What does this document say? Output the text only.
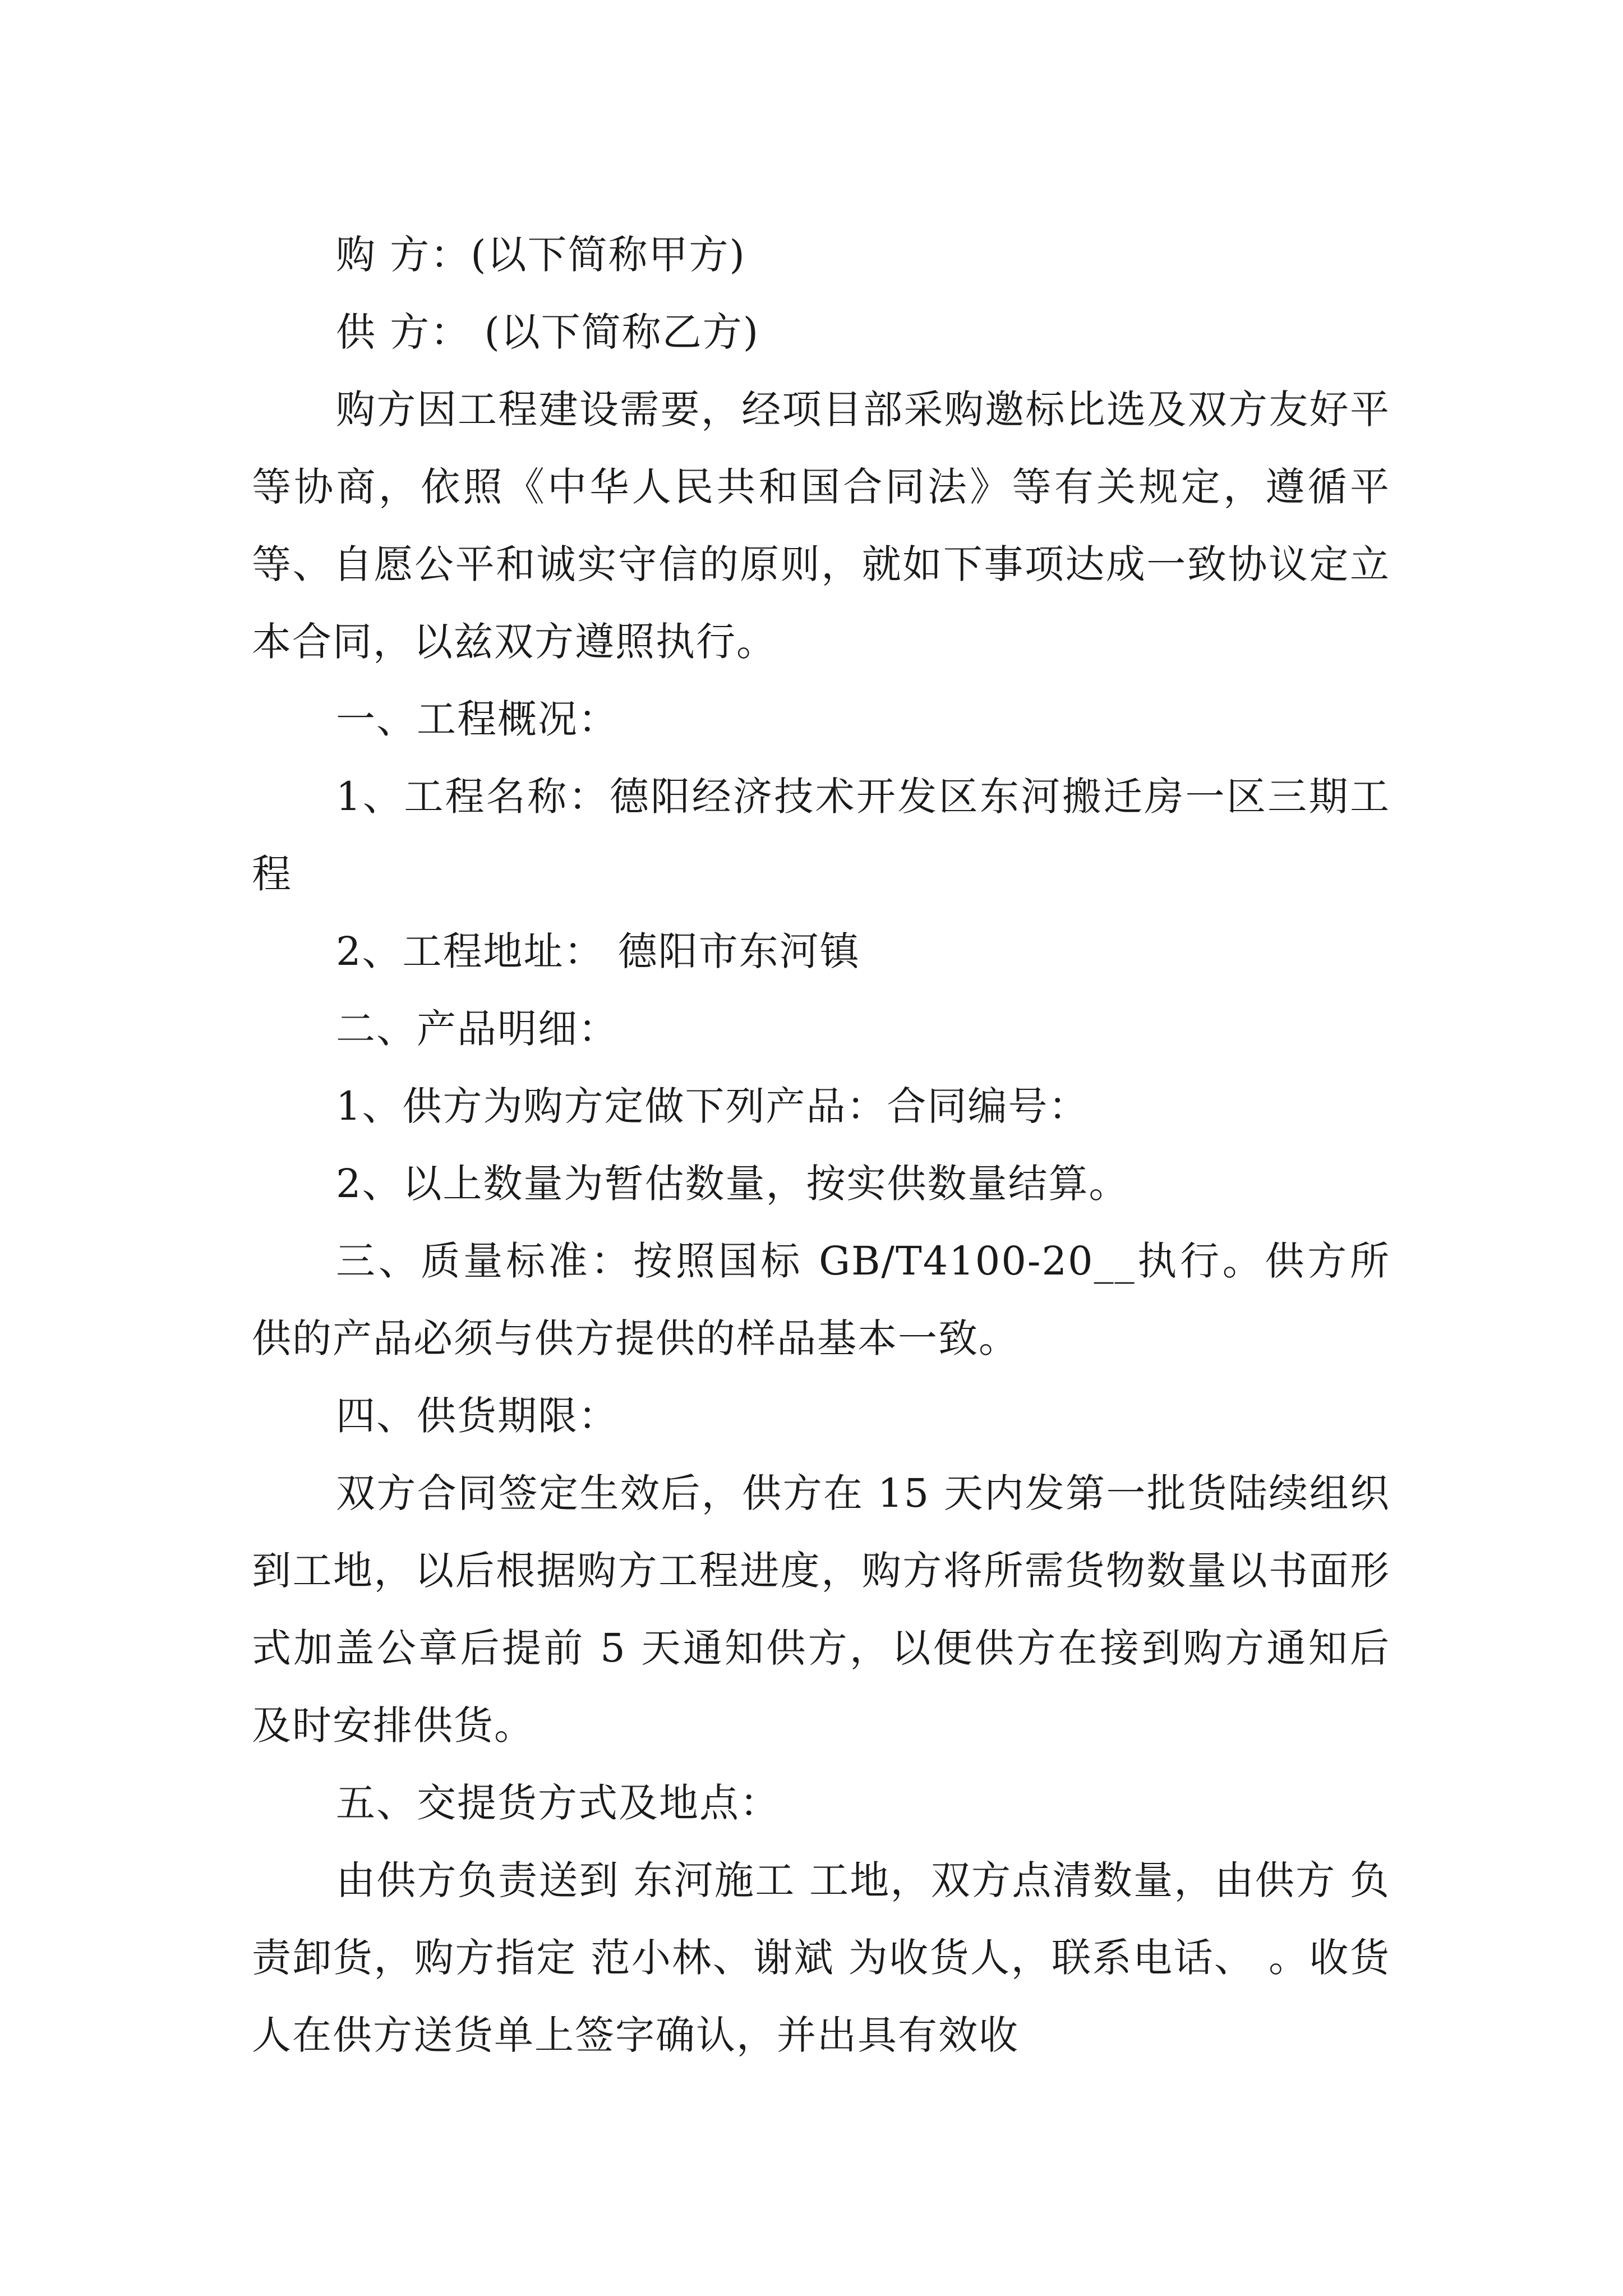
购 方：(以下简称甲方)

供 方： (以下简称乙方)

购方因工程建设需要，经项目部采购邀标比选及双方友好平等协商，依照《中华人民共和国合同法》等有关规定，遵循平等、自愿公平和诚实守信的原则，就如下事项达成一致协议定立本合同，以兹双方遵照执行。

一、工程概况：

1、工程名称：德阳经济技术开发区东河搬迁房一区三期工程

2、工程地址： 德阳市东河镇

二、产品明细：

1、供方为购方定做下列产品：合同编号：

2、以上数量为暂估数量，按实供数量结算。

三、质量标准：按照国标 GB/T4100-20__执行。供方所供的产品必须与供方提供的样品基本一致。

四、供货期限：

双方合同签定生效后，供方在 15 天内发第一批货陆续组织到工地，以后根据购方工程进度，购方将所需货物数量以书面形式加盖公章后提前 5 天通知供方，以便供方在接到购方通知后及时安排供货。

五、交提货方式及地点：

由供方负责送到 东河施工 工地，双方点清数量，由供方 负责卸货，购方指定 范小林、谢斌 为收货人，联系电话、 。收货人在供方送货单上签字确认，并出具有效收
